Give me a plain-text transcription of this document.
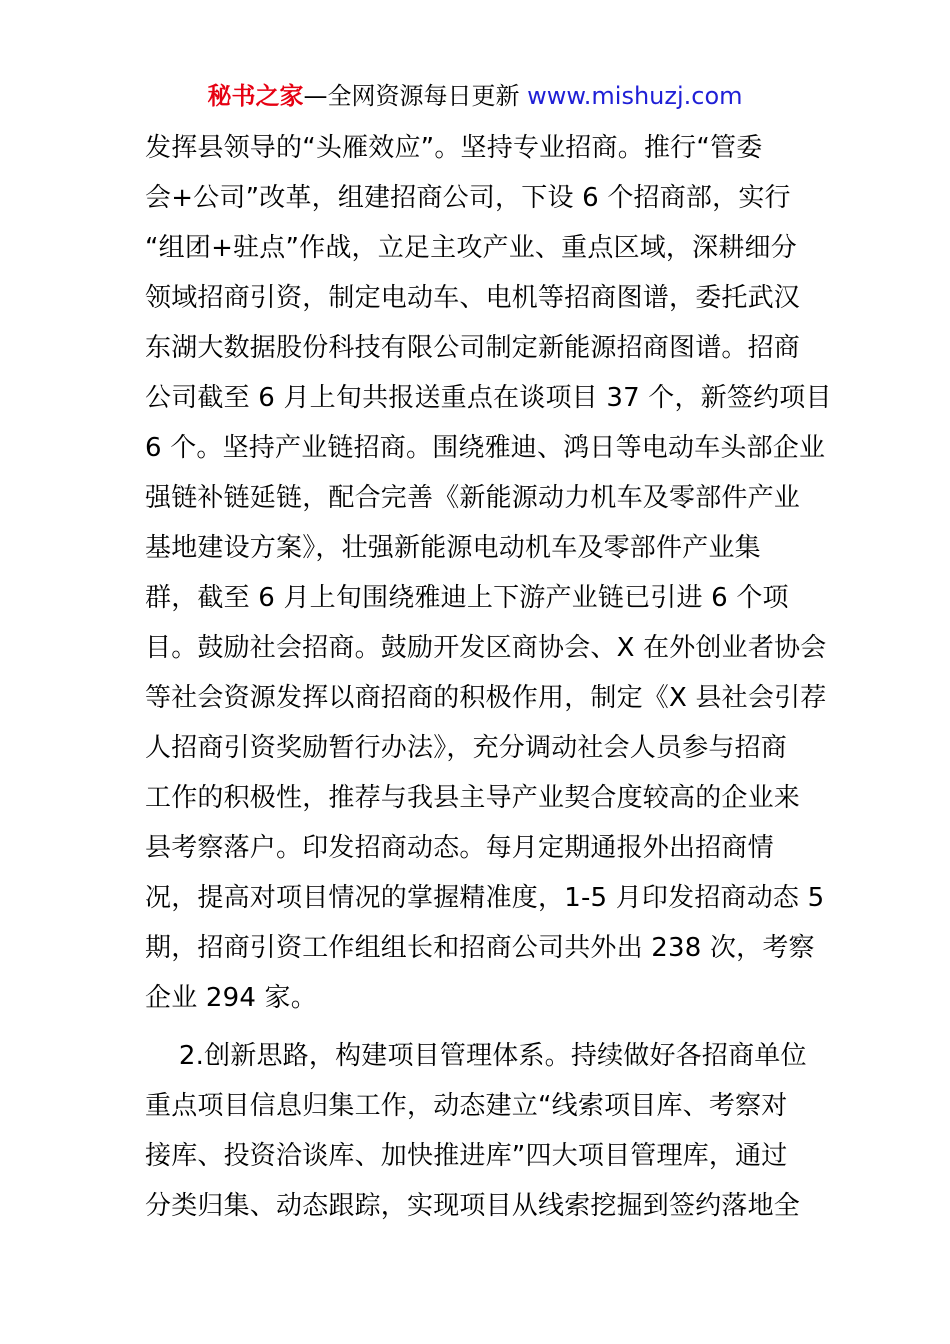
秘书之家—全网资源每日更新 www.mishuzj.com
发挥县领导的“头雁效应”。坚持专业招商。推行“管委
会+公司”改革，组建招商公司，下设 6 个招商部，实行
“组团+驻点”作战，立足主攻产业、重点区域，深耕细分
领域招商引资，制定电动车、电机等招商图谱，委托武汉
东湖大数据股份科技有限公司制定新能源招商图谱。招商
公司截至 6 月上旬共报送重点在谈项目 37 个，新签约项目
6 个。坚持产业链招商。围绕雅迪、鸿日等电动车头部企业
强链补链延链，配合完善《新能源动力机车及零部件产业
基地建设方案》，壮强新能源电动机车及零部件产业集
群，截至 6 月上旬围绕雅迪上下游产业链已引进 6 个项
目。鼓励社会招商。鼓励开发区商协会、X 在外创业者协会
等社会资源发挥以商招商的积极作用，制定《X 县社会引荐
人招商引资奖励暂行办法》，充分调动社会人员参与招商
工作的积极性，推荐与我县主导产业契合度较高的企业来
县考察落户。印发招商动态。每月定期通报外出招商情
况，提高对项目情况的掌握精准度，1-5 月印发招商动态 5
期，招商引资工作组组长和招商公司共外出 238 次，考察
企业 294 家。
2.创新思路，构建项目管理体系。持续做好各招商单位
重点项目信息归集工作，动态建立“线索项目库、考察对
接库、投资洽谈库、加快推进库”四大项目管理库，通过
分类归集、动态跟踪，实现项目从线索挖掘到签约落地全
